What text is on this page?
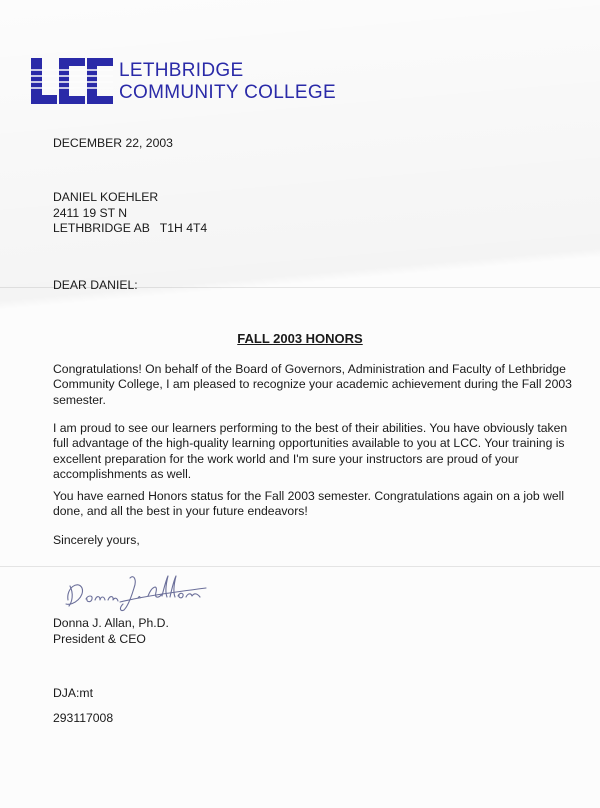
LETHBRIDGE
COMMUNITY COLLEGE
DECEMBER 22, 2003
DANIEL KOEHLER
2411 19 ST N
LETHBRIDGE AB   T1H 4T4
DEAR DANIEL:
FALL 2003 HONORS
Congratulations! On behalf of the Board of Governors, Administration and Faculty of Lethbridge Community College, I am pleased to recognize your academic achievement during the Fall 2003 semester.
I am proud to see our learners performing to the best of their abilities. You have obviously taken full advantage of the high-quality learning opportunities available to you at LCC. Your training is excellent preparation for the work world and I'm sure your instructors are proud of your accomplishments as well.
You have earned Honors status for the Fall 2003 semester. Congratulations again on a job well done, and all the best in your future endeavors!
Sincerely yours,
Donna J. Allan, Ph.D.
President & CEO
DJA:mt
293117008
